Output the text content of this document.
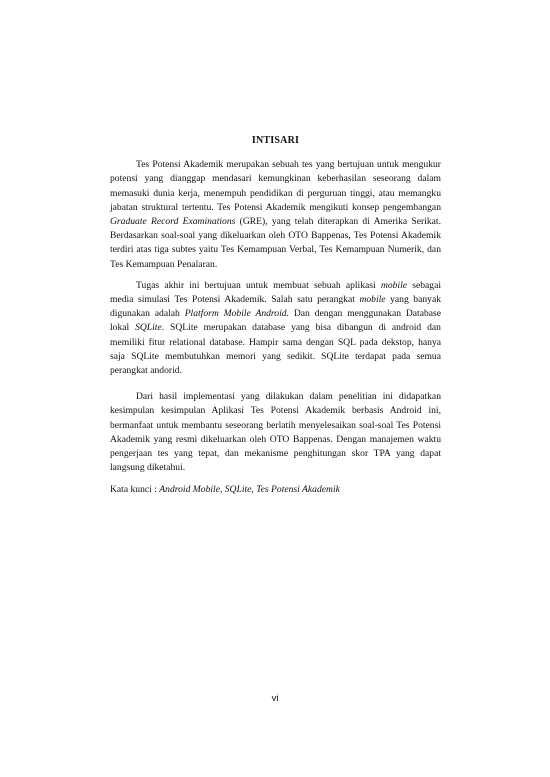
INTISARI

Tes Potensi Akademik merupakan sebuah tes yang bertujuan untuk mengukur potensi yang dianggap mendasari kemungkinan keberhasilan seseorang dalam memasuki dunia kerja, menempuh pendidikan di perguruan tinggi, atau memangku jabatan struktural tertentu. Tes Potensi Akademik mengikuti konsep pengembangan Graduate Record Examinations (GRE), yang telah diterapkan di Amerika Serikat. Berdasarkan soal-soal yang dikeluarkan oleh OTO Bappenas, Tes Potensi Akademik terdiri atas tiga subtes yaitu Tes Kemampuan Verbal, Tes Kemampuan Numerik, dan Tes Kemampuan Penalaran.

Tugas akhir ini bertujuan untuk membuat sebuah aplikasi mobile sebagai media simulasi Tes Potensi Akademik. Salah satu perangkat mobile yang banyak digunakan adalah Platform Mobile Android. Dan dengan menggunakan Database lokal SQLite. SQLite merupakan database yang bisa dibangun di android dan memiliki fitur relational database. Hampir sama dengan SQL pada dekstop, hanya saja SQLite membutuhkan memori yang sedikit. SQLite terdapat pada semua perangkat andorid.

Dari hasil implementasi yang dilakukan dalam penelitian ini didapatkan kesimpulan kesimpulan Aplikasi Tes Potensi Akademik berbasis Android ini, bermanfaat untuk membantu seseorang berlatih menyelesaikan soal-soal Tes Potensi Akademik yang resmi dikeluarkan oleh OTO Bappenas. Dengan manajemen waktu pengerjaan tes yang tepat, dan mekanisme penghitungan skor TPA yang dapat langsung diketahui.

Kata kunci : Android Mobile, SQLite, Tes Potensi Akademik

vi
